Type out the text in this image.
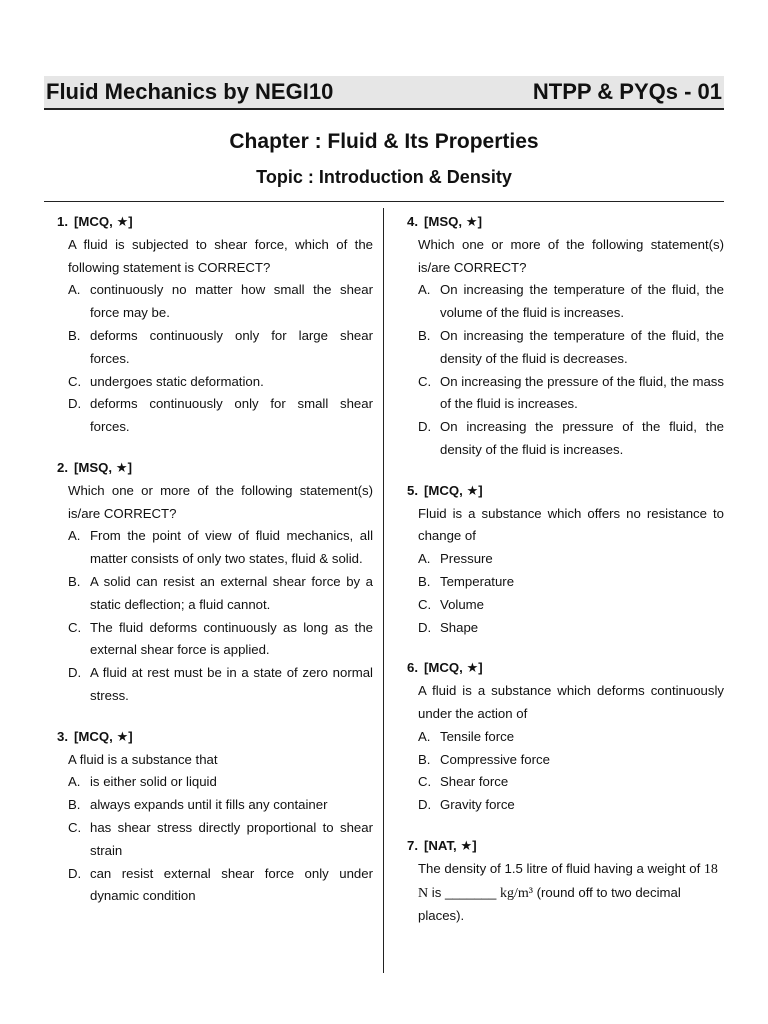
Fluid Mechanics by NEGI10	NTPP & PYQs - 01
Chapter : Fluid & Its Properties
Topic : Introduction & Density
1. [MCQ, ★]
A fluid is subjected to shear force, which of the following statement is CORRECT?
A. continuously no matter how small the shear force may be.
B. deforms continuously only for large shear forces.
C. undergoes static deformation.
D. deforms continuously only for small shear forces.
2. [MSQ, ★]
Which one or more of the following statement(s) is/are CORRECT?
A. From the point of view of fluid mechanics, all matter consists of only two states, fluid & solid.
B. A solid can resist an external shear force by a static deflection; a fluid cannot.
C. The fluid deforms continuously as long as the external shear force is applied.
D. A fluid at rest must be in a state of zero normal stress.
3. [MCQ, ★]
A fluid is a substance that
A. is either solid or liquid
B. always expands until it fills any container
C. has shear stress directly proportional to shear strain
D. can resist external shear force only under dynamic condition
4. [MSQ, ★]
Which one or more of the following statement(s) is/are CORRECT?
A. On increasing the temperature of the fluid, the volume of the fluid is increases.
B. On increasing the temperature of the fluid, the density of the fluid is decreases.
C. On increasing the pressure of the fluid, the mass of the fluid is increases.
D. On increasing the pressure of the fluid, the density of the fluid is increases.
5. [MCQ, ★]
Fluid is a substance which offers no resistance to change of
A. Pressure
B. Temperature
C. Volume
D. Shape
6. [MCQ, ★]
A fluid is a substance which deforms continuously under the action of
A. Tensile force
B. Compressive force
C. Shear force
D. Gravity force
7. [NAT, ★]
The density of 1.5 litre of fluid having a weight of 18 N is _______ kg/m³ (round off to two decimal places).
